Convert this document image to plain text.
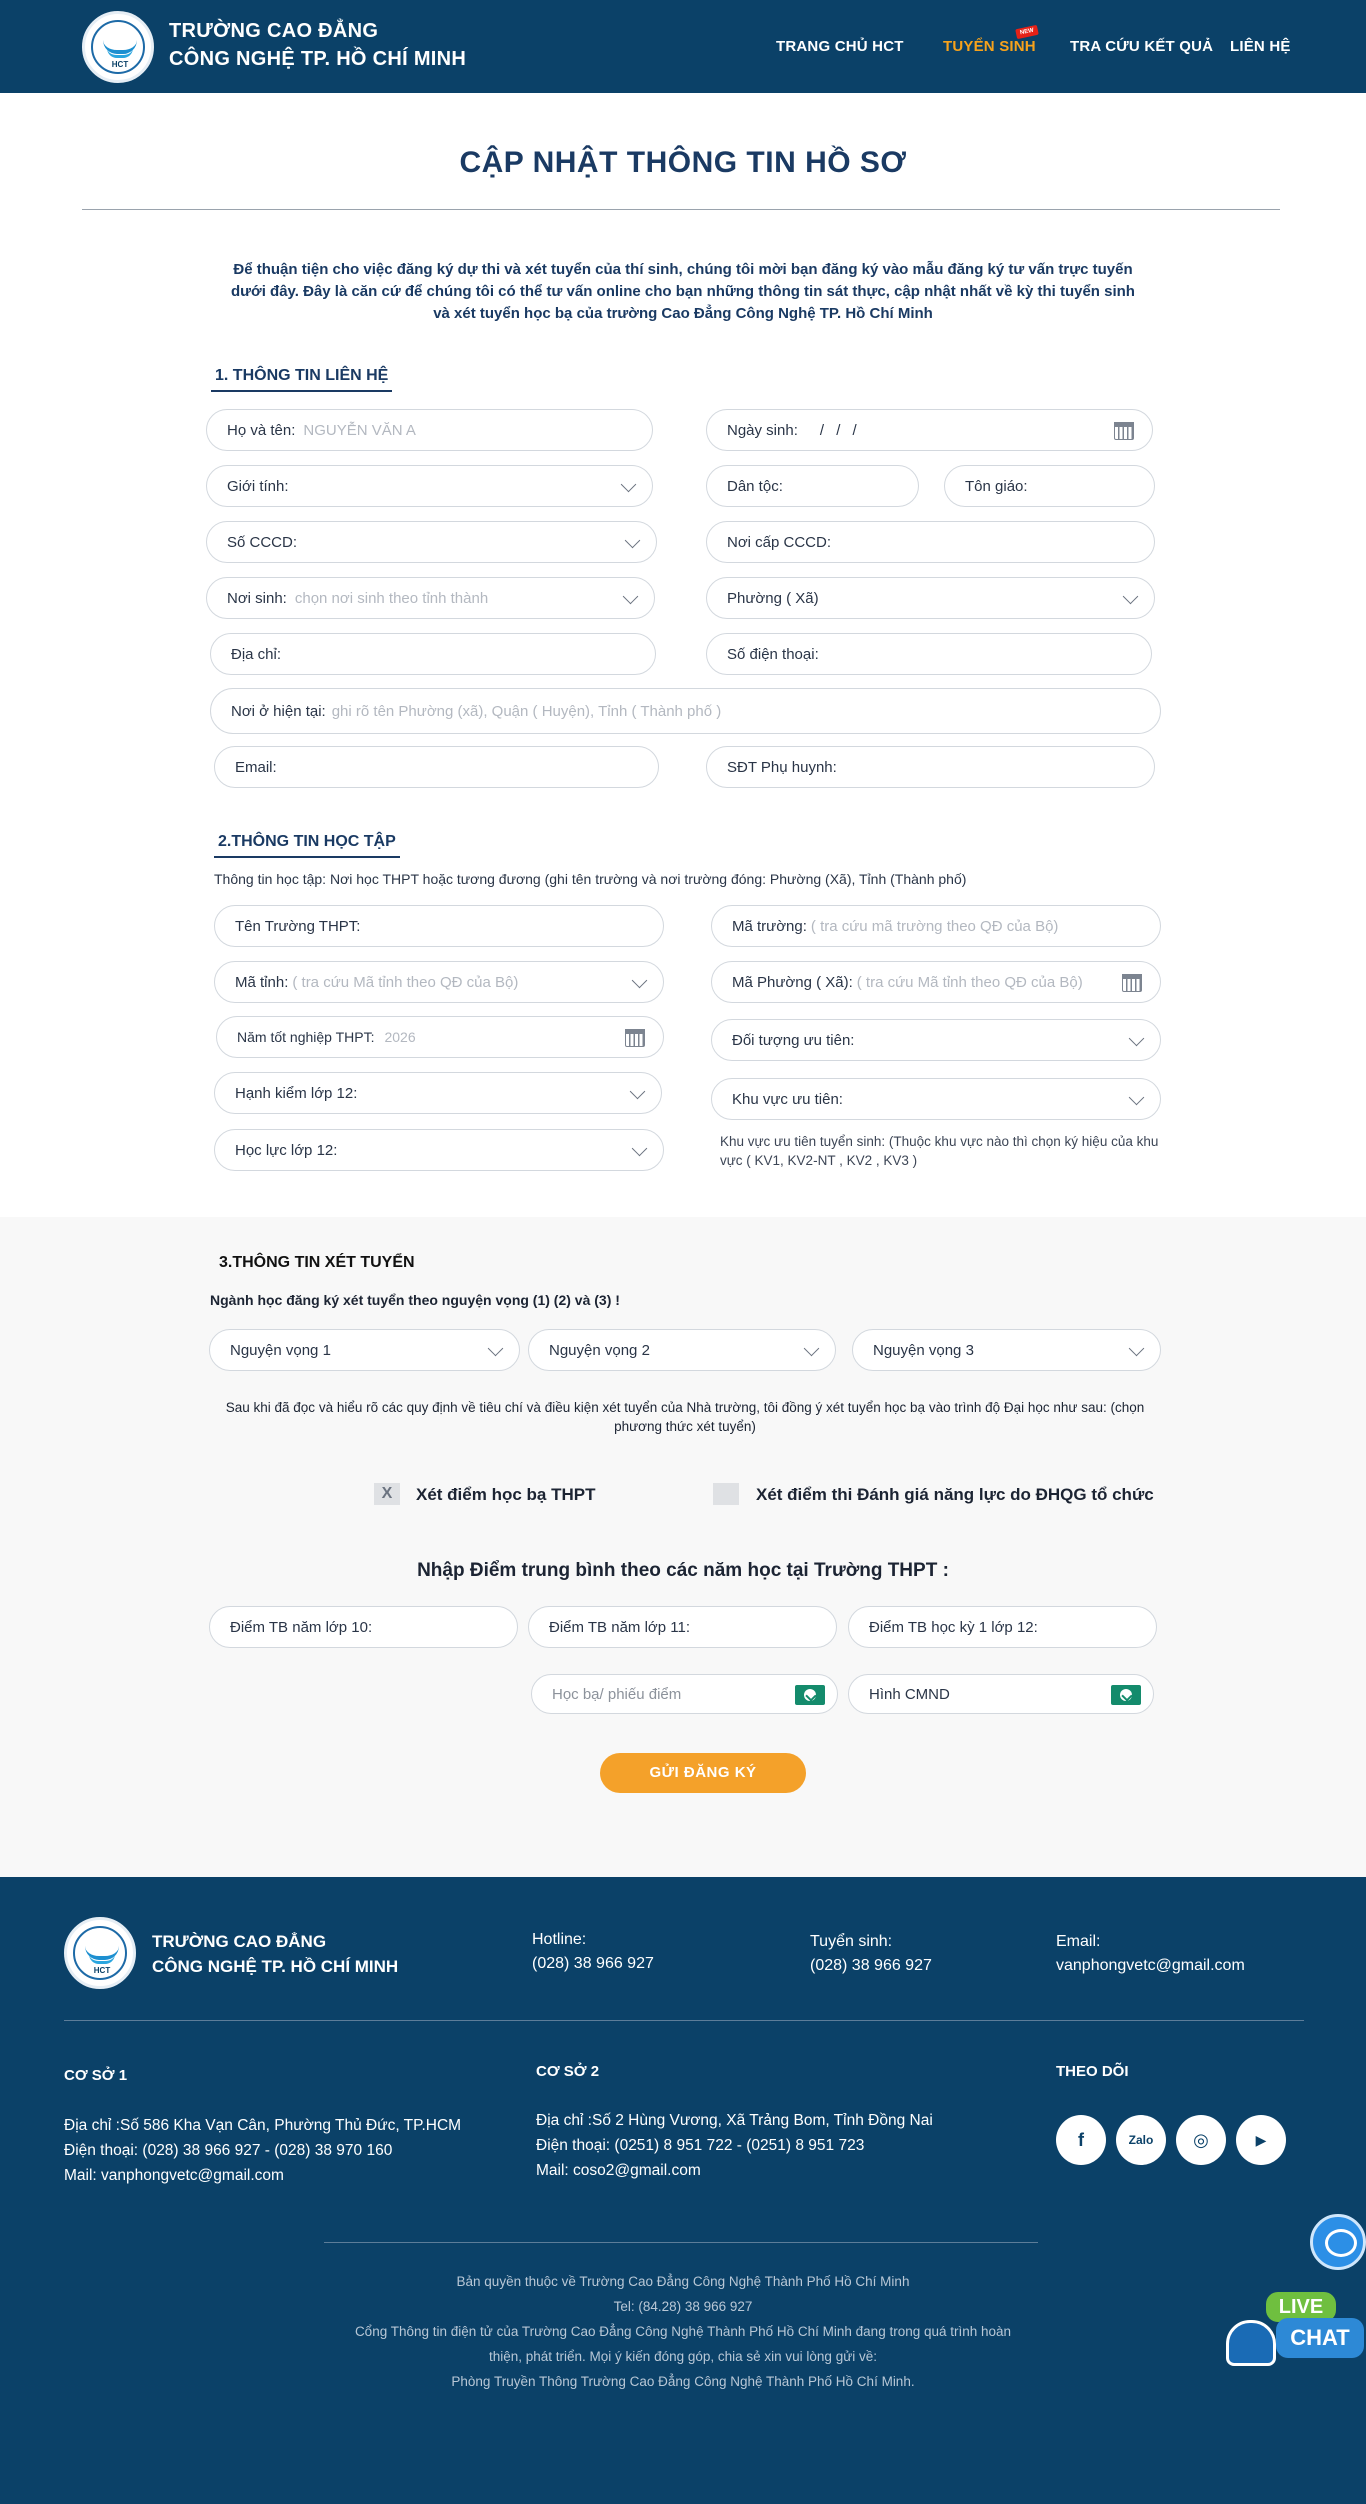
HCT
TRƯỜNG CAO ĐẲNG
CÔNG NGHỆ TP. HỒ CHÍ MINH
TRANG CHỦ HCT	TUYỂN SINH
NEW
TRA CỨU KẾT QUẢ LIÊN HỆ
CẬP NHẬT THÔNG TIN HỒ SƠ

Để thuận tiện cho việc đăng ký dự thi và xét tuyển của thí sinh, chúng tôi mời bạn đăng ký vào mẫu đăng ký tư vấn trực tuyến dưới đây. Đây là căn cứ để chúng tôi có thể tư vấn online cho bạn những thông tin sát thực, cập nhật nhất về kỳ thi tuyển sinh và xét tuyển học bạ của trường Cao Đẳng Công Nghệ TP. Hồ Chí Minh

1. THÔNG TIN LIÊN HỆ
Họ và tên: NGUYỄN VĂN A	Ngày sinh: / / /
Giới tính:	Dân tộc:	Tôn giáo:
Số CCCD:	Nơi cấp CCCD:
Nơi sinh: chọn nơi sinh theo tỉnh thành	Phường ( Xã)
Địa chỉ:	Số điện thoại:
Nơi ở hiện tại: ghi rõ tên Phường (xã), Quận ( Huyện), Tỉnh ( Thành phố )
Email:	SĐT Phụ huynh:
2.THÔNG TIN HỌC TẬP
Thông tin học tập: Nơi học THPT hoặc tương đương (ghi tên trường và nơi trường đóng: Phường (Xã), Tỉnh (Thành phố)
Tên Trường THPT:	Mã trường: ( tra cứu mã trường theo QĐ của Bộ)
Mã tỉnh: ( tra cứu Mã tỉnh theo QĐ của Bộ)	Mã Phường ( Xã): ( tra cứu Mã tỉnh theo QĐ của Bộ)
Năm tốt nghiệp THPT: 2026	Đối tượng ưu tiên:
Hạnh kiểm lớp 12:	Khu vực ưu tiên:
Học lực lớp 12:	Khu vực ưu tiên tuyển sinh: (Thuộc khu vực nào thì chọn ký hiệu của khu vực ( KV1, KV2-NT , KV2 , KV3 )
3.THÔNG TIN XÉT TUYỂN
Ngành học đăng ký xét tuyển theo nguyện vọng (1) (2) và (3) !
Nguyện vọng 1	Nguyện vọng 2	Nguyện vọng 3

Sau khi đã đọc và hiểu rõ các quy định về tiêu chí và điều kiện xét tuyển của Nhà trường, tôi đồng ý xét tuyển học bạ vào trình độ Đại học như sau: (chọn phương thức xét tuyển)

X	Xét điểm học bạ THPT	Xét điểm thi Đánh giá năng lực do ĐHQG tổ chức
Nhập Điểm trung bình theo các năm học tại Trường THPT :
Điểm TB năm lớp 10:	Điểm TB năm lớp 11:	Điểm TB học kỳ 1 lớp 12:
Học bạ/ phiếu điểm	Hình CMND
GỬI ĐĂNG KÝ
HCT
TRƯỜNG CAO ĐẲNG
CÔNG NGHỆ TP. HỒ CHÍ MINH
Hotline:
(028) 38 966 927
Tuyển sinh:
(028) 38 966 927
Email:
vanphongvetc@gmail.com
CƠ SỞ 1
Địa chỉ :Số 586 Kha Vạn Cân, Phường Thủ Đức, TP.HCM
Điện thoại: (028) 38 966 927 - (028) 38 970 160
Mail: vanphongvetc@gmail.com
CƠ SỞ 2
Địa chỉ :Số 2 Hùng Vương, Xã Trảng Bom, Tỉnh Đồng Nai
Điện thoại: (0251) 8 951 722 - (0251) 8 951 723
Mail: coso2@gmail.com
THEO DÕI
f	Zalo	◎	▶
Bản quyền thuộc về Trường Cao Đẳng Công Nghệ Thành Phố Hồ Chí Minh
Tel: (84.28) 38 966 927
Cổng Thông tin điện tử của Trường Cao Đẳng Công Nghệ Thành Phố Hồ Chí Minh đang trong quá trình hoàn
thiện, phát triển. Mọi ý kiến đóng góp, chia sẻ xin vui lòng gửi về:
Phòng Truyền Thông Trường Cao Đẳng Công Nghệ Thành Phố Hồ Chí Minh.
LIVE
CHAT
